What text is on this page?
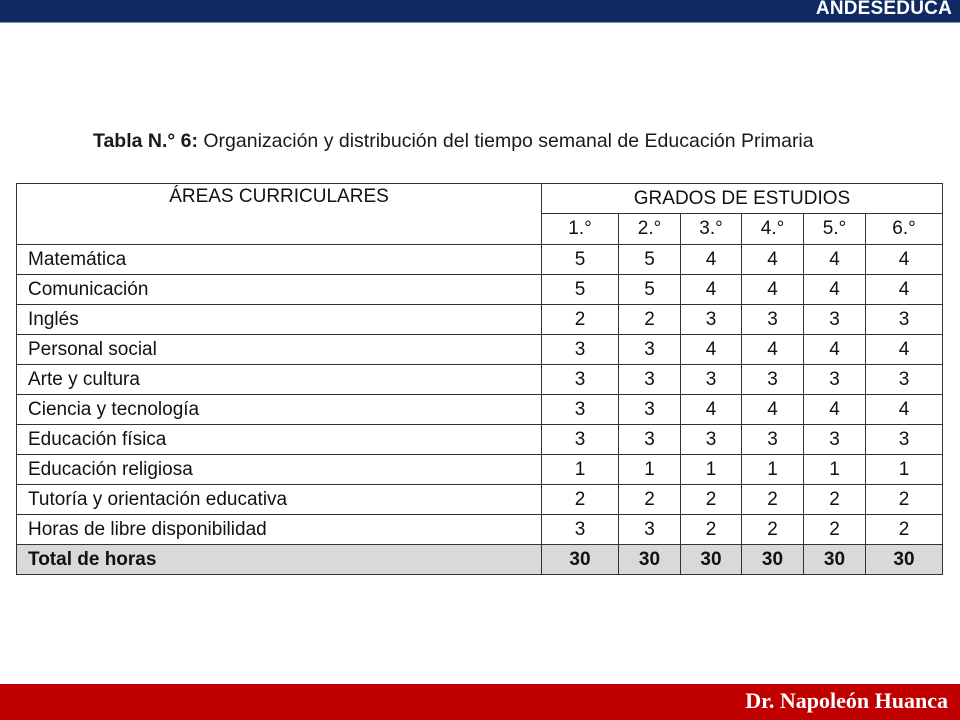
ANDESEDUCA
Tabla N.° 6: Organización y distribución del tiempo semanal de Educación Primaria
ÁREAS CURRICULARES	GRADOS DE ESTUDIOS					
	1.°	2.°	3.°	4.°	5.°	6.°
Matemática	5	5	4	4	4	4
Comunicación	5	5	4	4	4	4
Inglés	2	2	3	3	3	3
Personal social	3	3	4	4	4	4
Arte y cultura	3	3	3	3	3	3
Ciencia y tecnología	3	3	4	4	4	4
Educación física	3	3	3	3	3	3
Educación religiosa	1	1	1	1	1	1
Tutoría y orientación educativa	2	2	2	2	2	2
Horas de libre disponibilidad	3	3	2	2	2	2
Total de horas	30	30	30	30	30	30
Dr. Napoleón Huanca
